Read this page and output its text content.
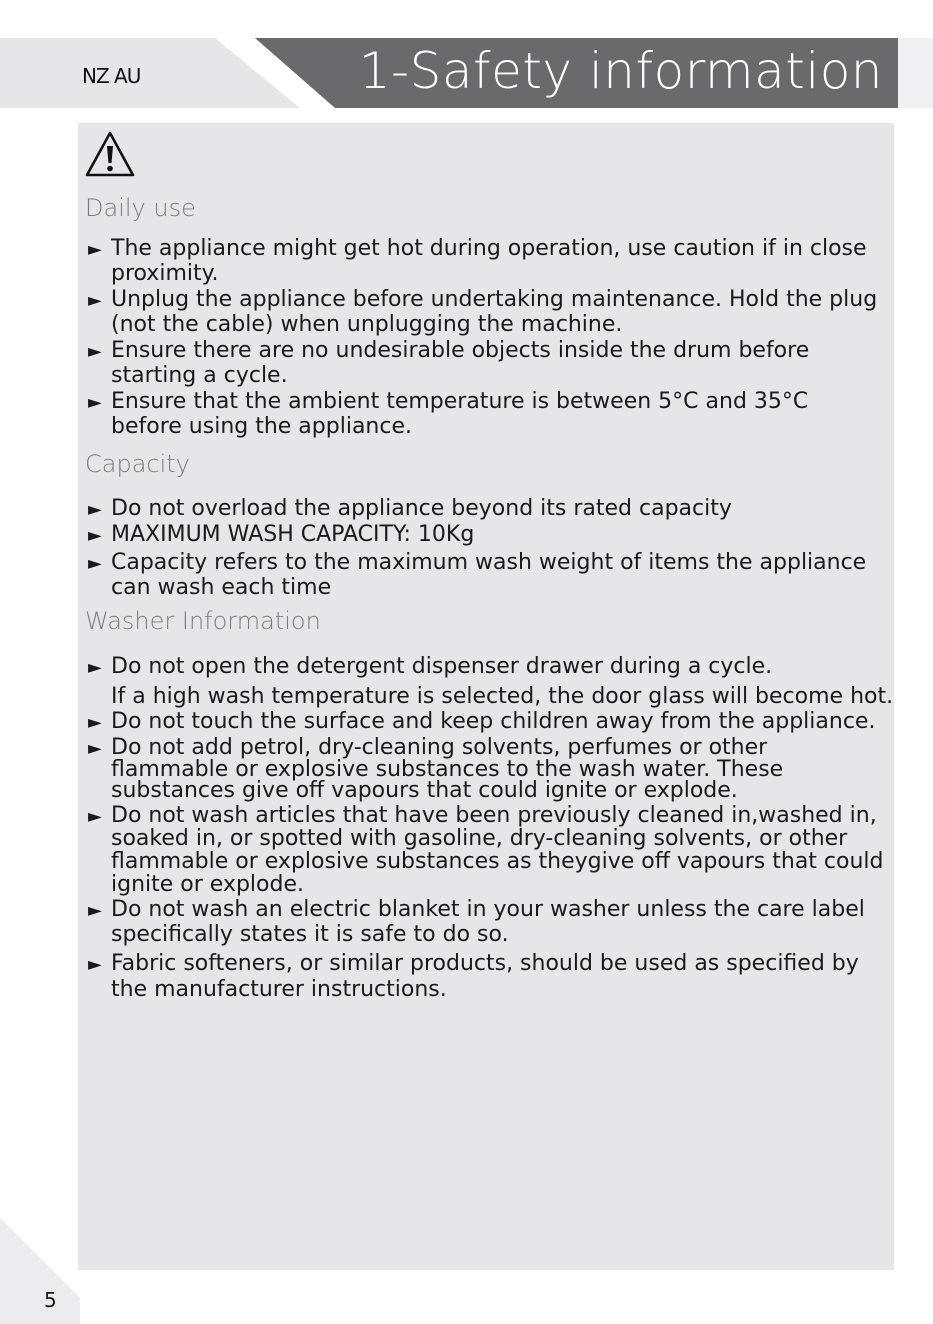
NZ AU	1-Safety information
Daily use
► The appliance might get hot during operation, use caution if in close
proximity.
► Unplug the appliance before undertaking maintenance. Hold the plug
(not the cable) when unplugging the machine.
► Ensure there are no undesirable objects inside the drum before
starting a cycle.
► Ensure that the ambient temperature is between 5°C and 35°C
before using the appliance.
Capacity
► Do not overload the appliance beyond its rated capacity
► MAXIMUM WASH CAPACITY: 10Kg
► Capacity refers to the maximum wash weight of items the appliance
can wash each time
Washer Information
► Do not open the detergent dispenser drawer during a cycle.
If a high wash temperature is selected, the door glass will become hot.
► Do not touch the surface and keep children away from the appliance.
► Do not add petrol, dry-cleaning solvents, perfumes or other
flammable or explosive substances to the wash water. These
substances give off vapours that could ignite or explode.
► Do not wash articles that have been previously cleaned in,washed in,
soaked in, or spotted with gasoline, dry-cleaning solvents, or other
flammable or explosive substances as theygive off vapours that could
ignite or explode.
► Do not wash an electric blanket in your washer unless the care label
specifically states it is safe to do so.
► Fabric softeners, or similar products, should be used as specified by
the manufacturer instructions.
5
